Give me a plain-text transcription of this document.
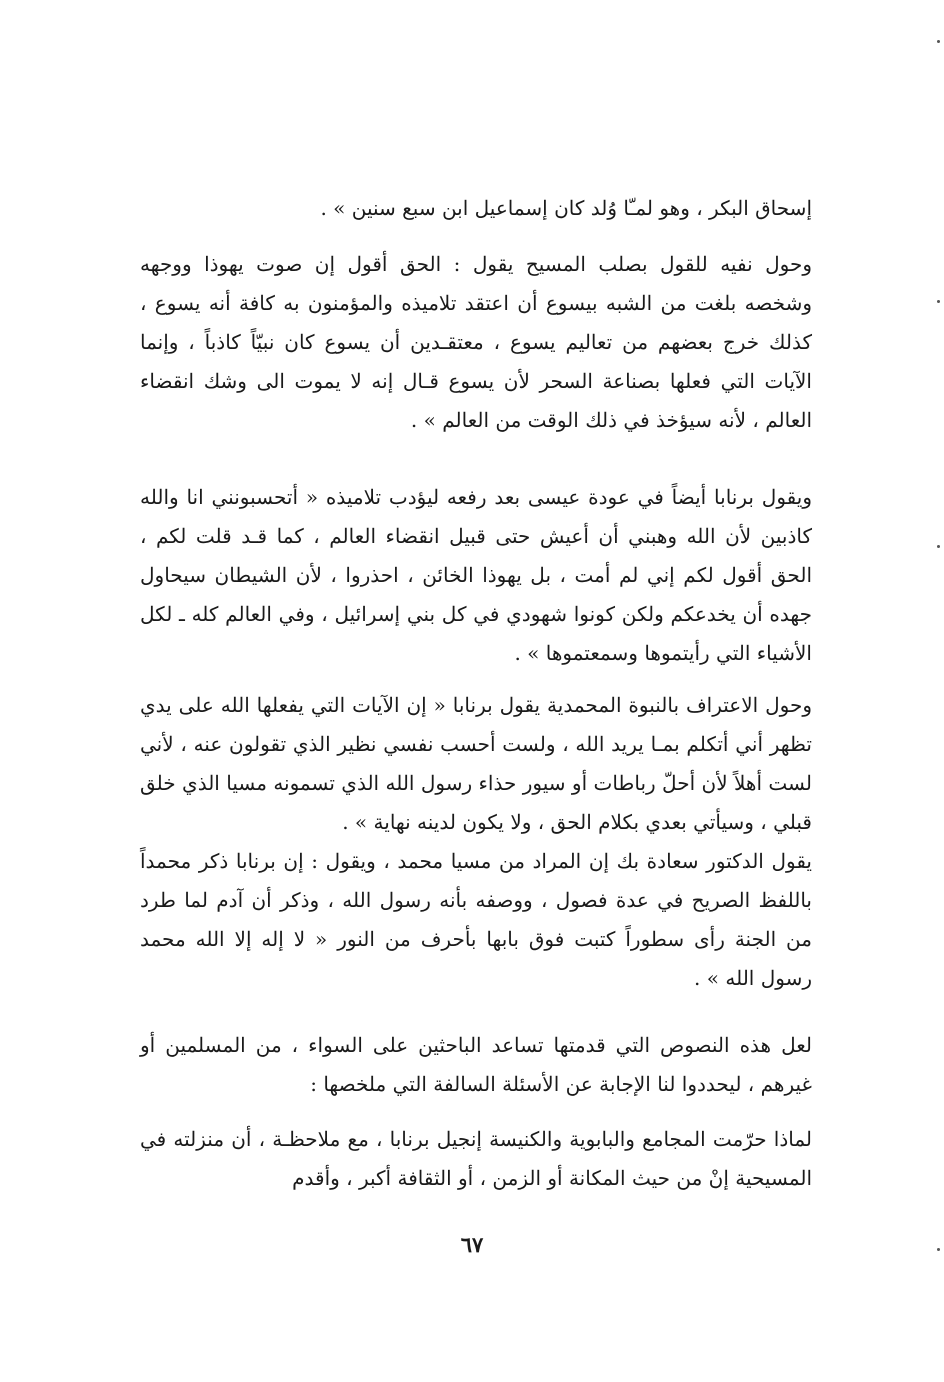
إسحاق البكر ، وهو لمـّا وُلد كان إسماعيل ابن سبع سنين » .

وحول نفيه للقول بصلب المسيح يقول : الحق أقول إن صوت يهوذا ووجهه وشخصه بلغت من الشبه بيسوع أن اعتقد تلاميذه والمؤمنون به كافة أنه يسوع ، كذلك خرج بعضهم من تعاليم يسوع ، معتقـدين أن يسوع كان نبيّاً كاذباً ، وإنما الآيات التي فعلها بصناعة السحر لأن يسوع قـال إنه لا يموت الى وشك انقضاء العالم ، لأنه سيؤخذ في ذلك الوقت من العالم » .

ويقول برنابا أيضاً في عودة عيسى بعد رفعه ليؤدب تلاميذه « أتحسبونني انا والله كاذبين لأن الله وهبني أن أعيش حتى قبيل انقضاء العالم ، كما قـد قلت لكم ، الحق أقول لكم إني لم أمت ، بل يهوذا الخائن ، احذروا ، لأن الشيطان سيحاول جهده أن يخدعكم ولكن كونوا شهودي في كل بني إسرائيل ، وفي العالم كله ـ لكل الأشياء التي رأيتموها وسمعتموها » .

وحول الاعتراف بالنبوة المحمدية يقول برنابا « إن الآيات التي يفعلها الله على يدي تظهر أني أتكلم بمـا يريد الله ، ولست أحسب نفسي نظير الذي تقولون عنه ، لأني لست أهلاً لأن أحلّ رباطات أو سيور حذاء رسول الله الذي تسمونه مسيا الذي خلق قبلي ، وسيأتي بعدي بكلام الحق ، ولا يكون لدينه نهاية » .

يقول الدكتور سعادة بك إن المراد من مسيا محمد ، ويقول : إن برنابا ذكر محمداً باللفظ الصريح في عدة فصول ، ووصفه بأنه رسول الله ، وذكر أن آدم لما طرد من الجنة رأى سطوراً كتبت فوق بابها بأحرف من النور « لا إله إلا الله محمد رسول الله » .

لعل هذه النصوص التي قدمتها تساعد الباحثين على السواء ، من المسلمين أو غيرهم ، ليحددوا لنا الإجابة عن الأسئلة السالفة التي ملخصها :

لماذا حرّمت المجامع والبابوية والكنيسة إنجيل برنابا ، مع ملاحظـة ، أن منزلته في المسيحية إنْ من حيث المكانة أو الزمن ، أو الثقافة أكبر ، وأقدم

٦٧
